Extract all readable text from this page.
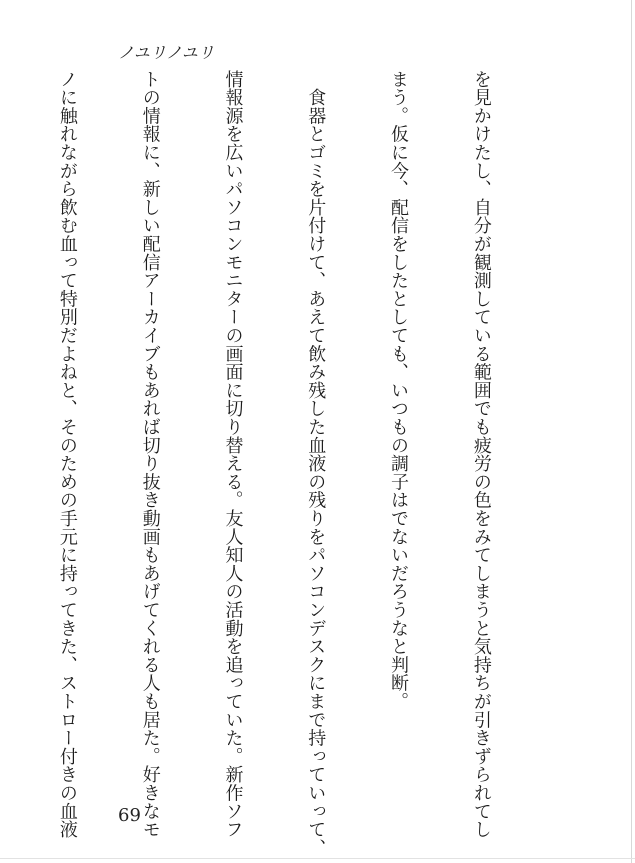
ノユリノユリ

を見かけたし、自分が観測している範囲でも疲労の色をみてしまうと気持ちが引きずられてし

まう。仮に今、配信をしたとしても、いつもの調子はでないだろうなと判断。

　食器とゴミを片付けて、あえて飲み残した血液の残りをパソコンデスクにまで持っていって、

情報源を広いパソコンモニターの画面に切り替える。友人知人の活動を追っていた。新作ソフ

トの情報に、新しい配信アーカイブもあれば切り抜き動画もあげてくれる人も居た。好きなモ

ノに触れながら飲む血って特別だよねと、そのための手元に持ってきた、ストロー付きの血液

69
